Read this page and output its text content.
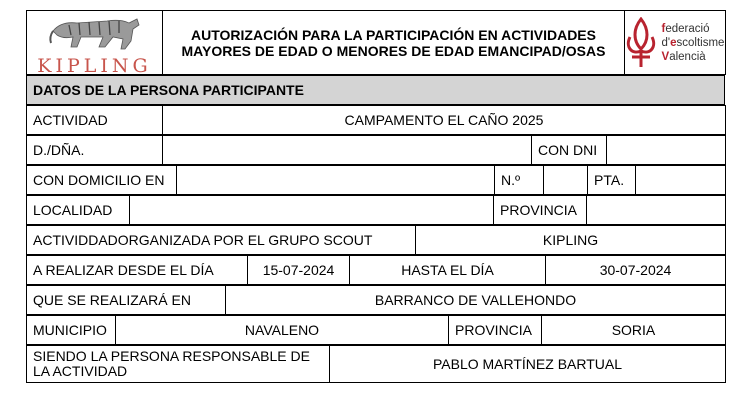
KIPLING

AUTORIZACIÓN PARA LA PARTICIPACIÓN EN ACTIVIDADES
MAYORES DE EDAD O MENORES DE EDAD EMANCIPAD/OSAS

federació
d'escoltisme
Valencià
DATOS DE LA PERSONA PARTICIPANTE
ACTIVIDAD	CAMPAMENTO EL CAÑO 2025
D./DÑA.		CON DNI	
CON DOMICILIO EN		N.º		PTA.	
LOCALIDAD		PROVINCIA	
ACTIVIDDADORGANIZADA POR EL GRUPO SCOUT	KIPLING
A REALIZAR DESDE EL DÍA	15-07-2024	HASTA EL DÍA	30-07-2024
QUE SE REALIZARÁ EN	BARRANCO DE VALLEHONDO
MUNICIPIO	NAVALENO	PROVINCIA	SORIA
SIENDO LA PERSONA RESPONSABLE DE LA ACTIVIDAD	PABLO MARTÍNEZ BARTUAL
